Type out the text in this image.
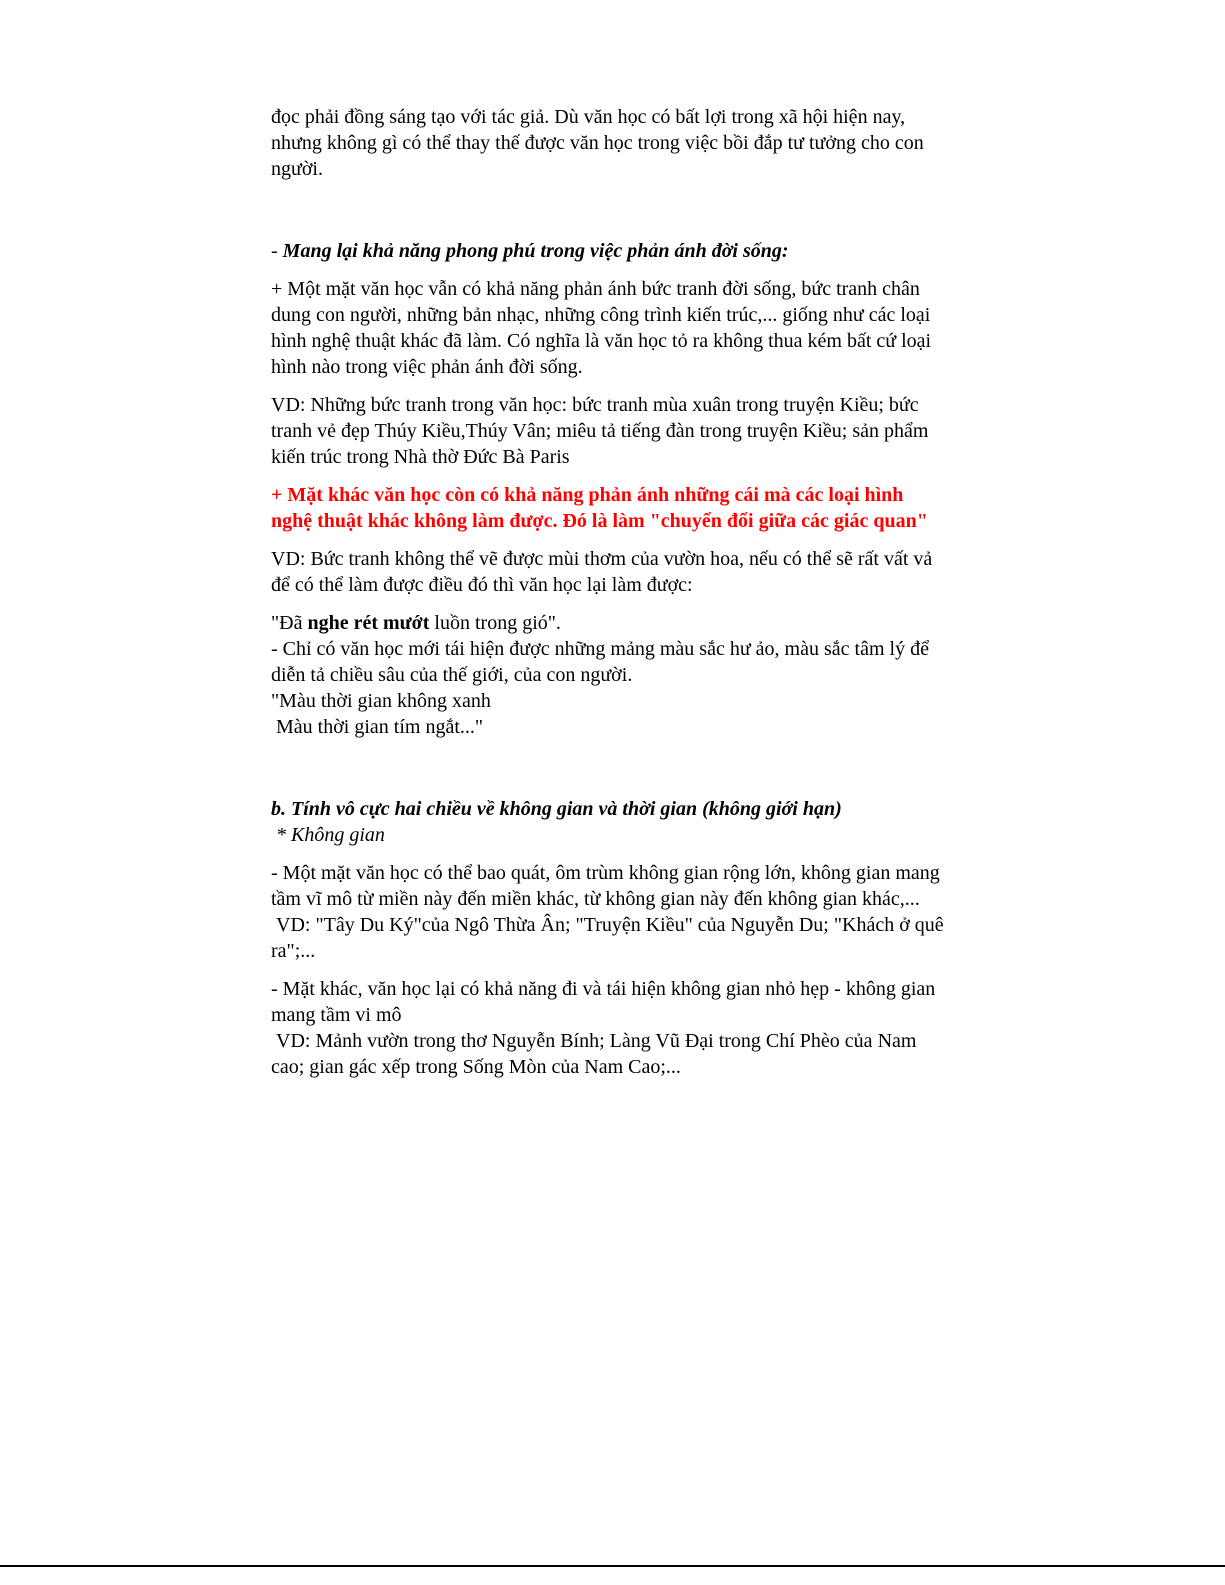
đọc phải đồng sáng tạo với tác giả. Dù văn học có bất lợi trong xã hội hiện nay, nhưng không gì có thể thay thế được văn học trong việc bồi đắp tư tưởng cho con người.

- Mang lại khả năng phong phú trong việc phản ánh đời sống:

+ Một mặt văn học vẫn có khả năng phản ánh bức tranh đời sống, bức tranh chân dung con người, những bản nhạc, những công trình kiến trúc,... giống như các loại hình nghệ thuật khác đã làm. Có nghĩa là văn học tỏ ra không thua kém bất cứ loại hình nào trong việc phản ánh đời sống.

VD: Những bức tranh trong văn học: bức tranh mùa xuân trong truyện Kiều; bức tranh vẻ đẹp Thúy Kiều,Thúy Vân; miêu tả tiếng đàn trong truyện Kiều; sản phẩm kiến trúc trong Nhà thờ Đức Bà Paris

+ Mặt khác văn học còn có khả năng phản ánh những cái mà các loại hình nghệ thuật khác không làm được. Đó là làm "chuyển đổi giữa các giác quan"

VD: Bức tranh không thể vẽ được mùi thơm của vườn hoa, nếu có thể sẽ rất vất vả để có thể làm được điều đó thì văn học lại làm được:

"Đã nghe rét mướt luồn trong gió".
- Chỉ có văn học mới tái hiện được những mảng màu sắc hư ảo, màu sắc tâm lý để diễn tả chiều sâu của thế giới, của con người.
"Màu thời gian không xanh
Màu thời gian tím ngắt..."
b. Tính vô cực hai chiều về không gian và thời gian (không giới hạn)
* Không gian
- Một mặt văn học có thể bao quát, ôm trùm không gian rộng lớn, không gian mang tầm vĩ mô từ miền này đến miền khác, từ không gian này đến không gian khác,...
VD: "Tây Du Ký"của Ngô Thừa Ân; "Truyện Kiều" của Nguyễn Du; "Khách ở quê ra";...
- Mặt khác, văn học lại có khả năng đi và tái hiện không gian nhỏ hẹp - không gian mang tầm vi mô
VD: Mảnh vườn trong thơ Nguyễn Bính; Làng Vũ Đại trong Chí Phèo của Nam cao; gian gác xếp trong Sống Mòn của Nam Cao;...
